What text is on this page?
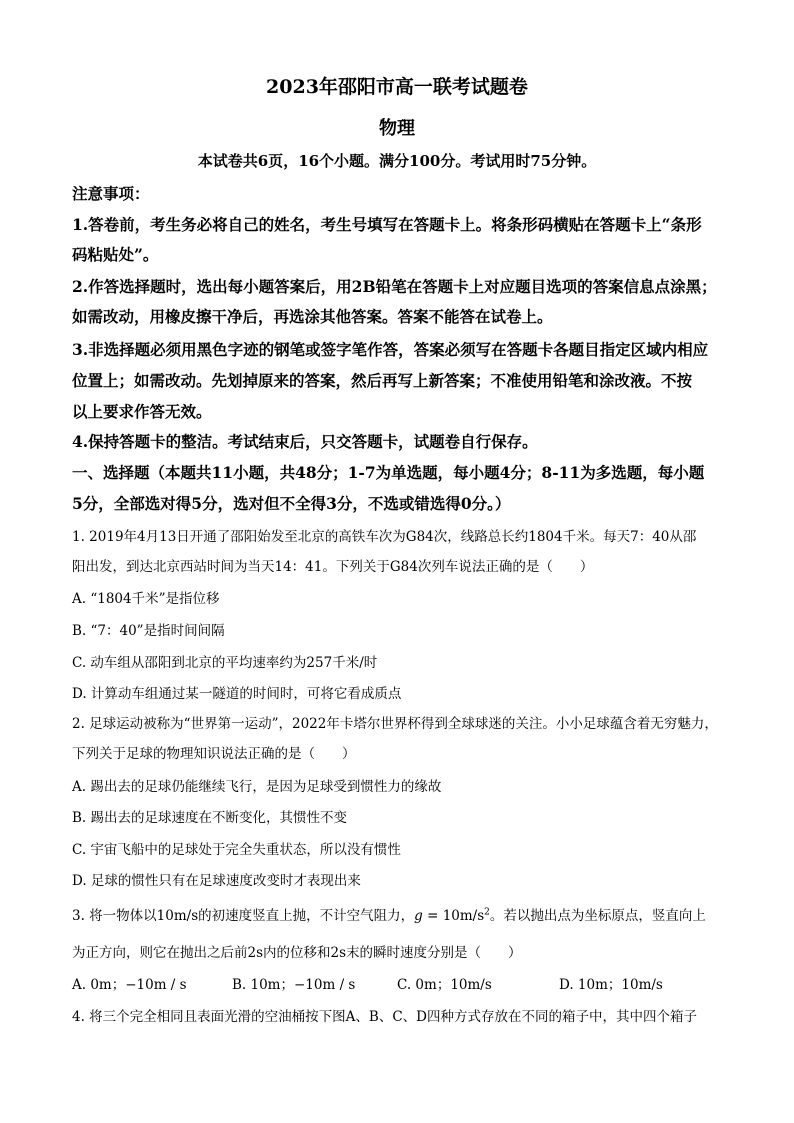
2023年邵阳市高一联考试题卷
物理
本试卷共6页，16个小题。满分100分。考试用时75分钟。
注意事项：
1.答卷前，考生务必将自己的姓名，考生号填写在答题卡上。将条形码横贴在答题卡上“条形
码粘贴处”。
2.作答选择题时，选出每小题答案后，用2B铅笔在答题卡上对应题目选项的答案信息点涂黑；
如需改动，用橡皮擦干净后，再选涂其他答案。答案不能答在试卷上。
3.非选择题必须用黑色字迹的钢笔或签字笔作答，答案必须写在答题卡各题目指定区域内相应
位置上；如需改动。先划掉原来的答案，然后再写上新答案；不准使用铅笔和涂改液。不按
以上要求作答无效。
4.保持答题卡的整洁。考试结束后，只交答题卡，试题卷自行保存。
一、选择题（本题共11小题，共48分；1-7为单选题，每小题4分；8-11为多选题，每小题
5分，全部选对得5分，选对但不全得3分，不选或错选得0分。）
1. 2019年4月13日开通了邵阳始发至北京的高铁车次为G84次，线路总长约1804千米。每天7：40从邵
阳出发，到达北京西站时间为当天14：41。下列关于G84次列车说法正确的是（　　）
A. “1804千米”是指位移
B. “7：40”是指时间间隔
C. 动车组从邵阳到北京的平均速率约为257千米/时
D. 计算动车组通过某一隧道的时间时，可将它看成质点
2. 足球运动被称为“世界第一运动”，2022年卡塔尔世界杯得到全球球迷的关注。小小足球蕴含着无穷魅力，
下列关于足球的物理知识说法正确的是（　　）
A. 踢出去的足球仍能继续飞行，是因为足球受到惯性力的缘故
B. 踢出去的足球速度在不断变化，其惯性不变
C. 宇宙飞船中的足球处于完全失重状态，所以没有惯性
D. 足球的惯性只有在足球速度改变时才表现出来
3. 将一物体以10m/s的初速度竖直上抛，不计空气阻力，$g = 10m/s^2$。若以抛出点为坐标原点，竖直向上
为正方向，则它在抛出之后前2s内的位移和2s末的瞬时速度分别是（　　）
A. 0m；−10m / s	B. 10m；−10m / s	C. 0m；10m/s	D. 10m；10m/s
4. 将三个完全相同且表面光滑的空油桶按下图A、B、C、D四种方式存放在不同的箱子中，其中四个箱子
